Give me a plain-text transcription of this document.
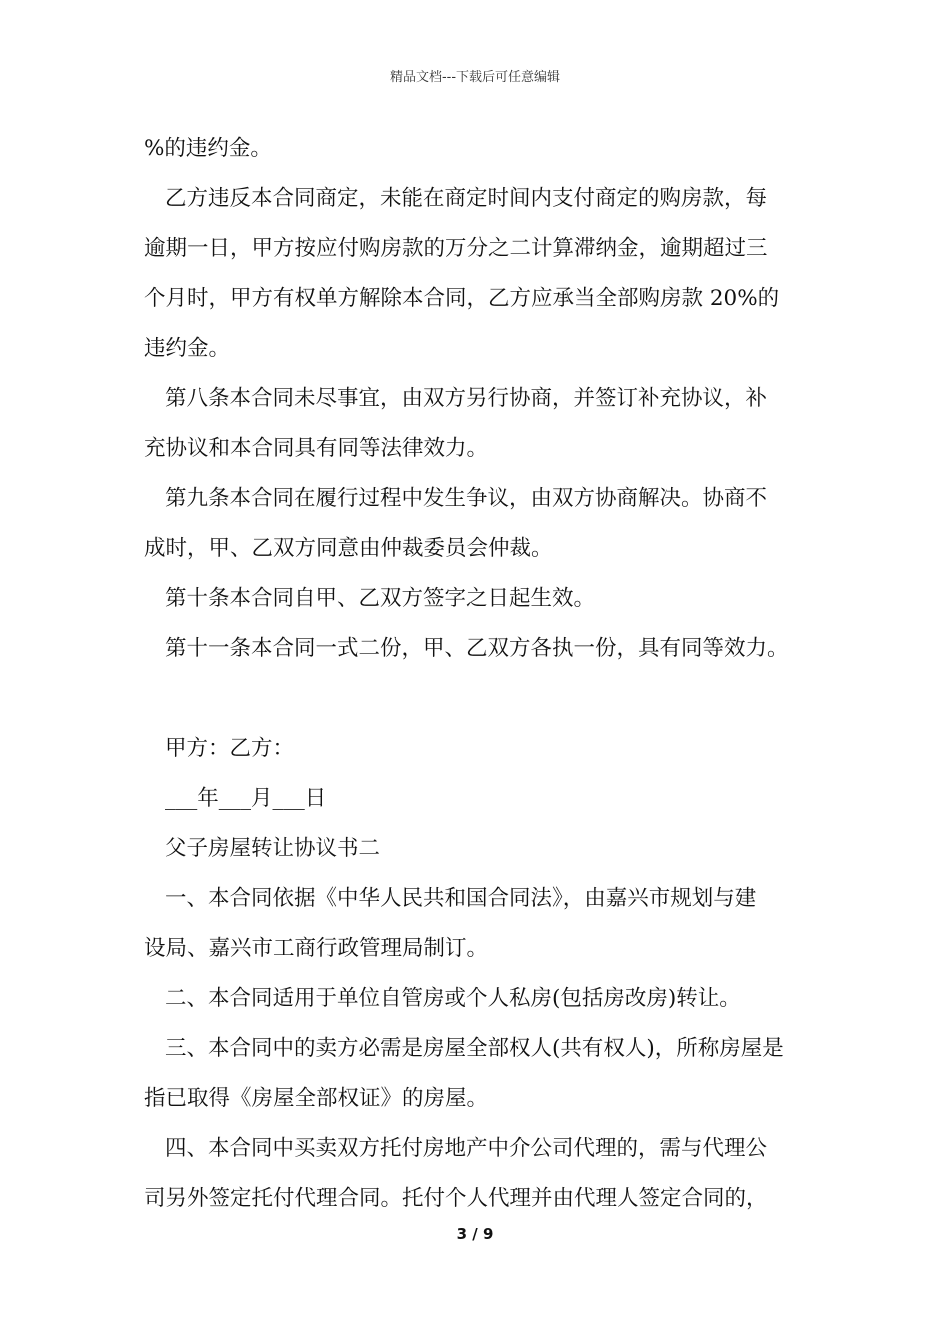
精品文档---下载后可任意编辑
%的违约金。
乙方违反本合同商定，未能在商定时间内支付商定的购房款，每
逾期一日，甲方按应付购房款的万分之二计算滞纳金，逾期超过三
个月时，甲方有权单方解除本合同，乙方应承当全部购房款 20%的
违约金。
第八条本合同未尽事宜，由双方另行协商，并签订补充协议，补
充协议和本合同具有同等法律效力。
第九条本合同在履行过程中发生争议，由双方协商解决。协商不
成时，甲、乙双方同意由仲裁委员会仲裁。
第十条本合同自甲、乙双方签字之日起生效。
第十一条本合同一式二份，甲、乙双方各执一份，具有同等效力。
甲方：乙方：
___年___月___日
父子房屋转让协议书二
一、本合同依据《中华人民共和国合同法》，由嘉兴市规划与建
设局、嘉兴市工商行政管理局制订。
二、本合同适用于单位自管房或个人私房(包括房改房)转让。
三、本合同中的卖方必需是房屋全部权人(共有权人)，所称房屋是
指已取得《房屋全部权证》的房屋。
四、本合同中买卖双方托付房地产中介公司代理的，需与代理公
司另外签定托付代理合同。托付个人代理并由代理人签定合同的，
3 / 9
